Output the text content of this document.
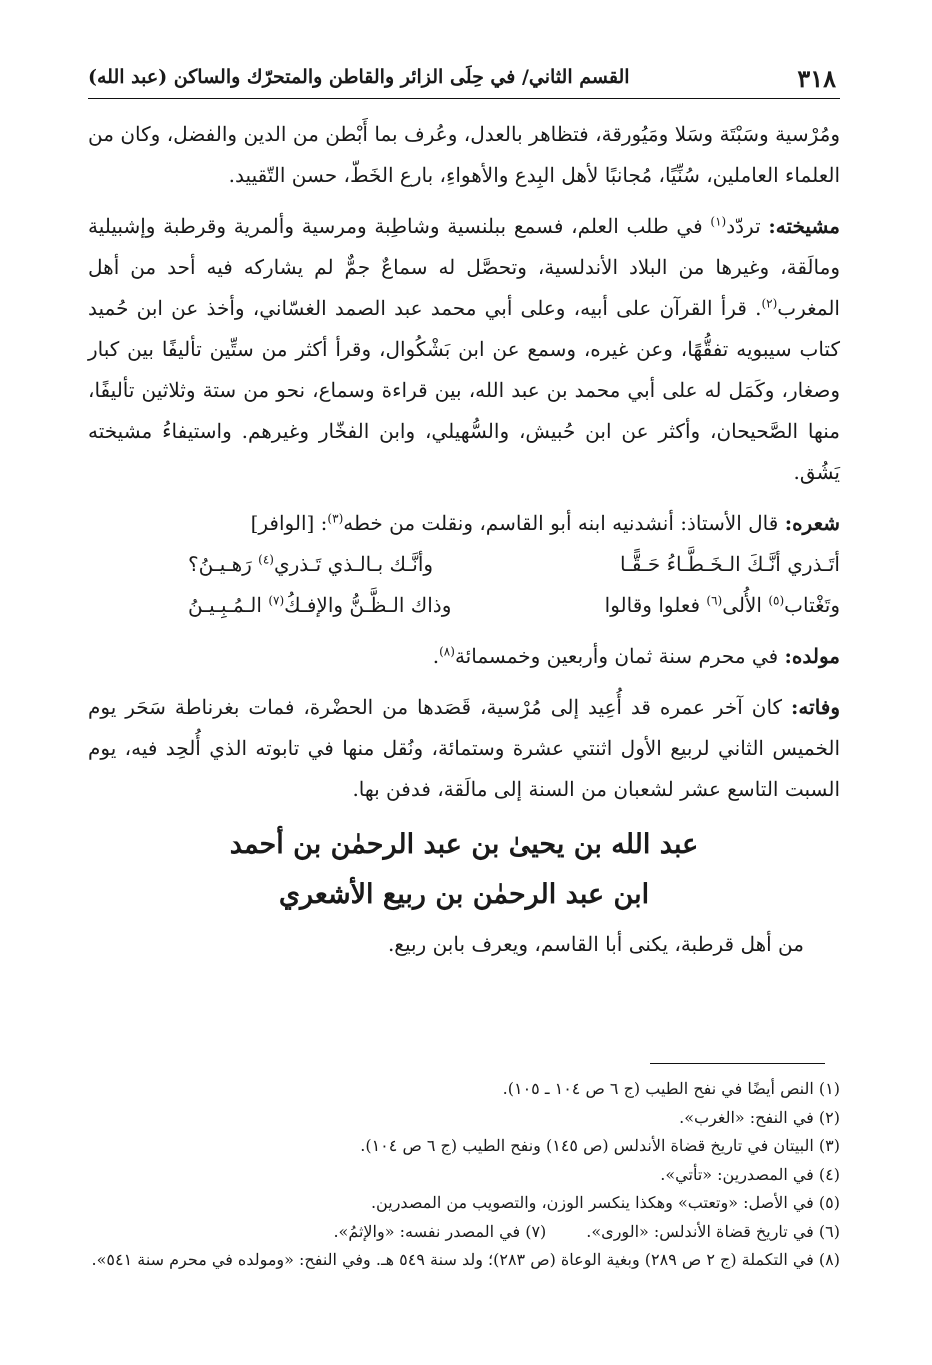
٣١٨
القسم الثاني/ في حِلَى الزائر والقاطن والمتحرّك والساكن (عبد الله)

ومُرْسية وسَبْتَة وسَلا ومَيُورقة، فتظاهر بالعدل، وعُرف بما أَبْطن من الدين والفضل، وكان من العلماء العاملين، سُنِّيًا، مُجانبًا لأهل البِدع والأهواءِ، بارع الخَطّ، حسن التّقييد.

مشيخته: تردّد$^{(١)}$ في طلب العلم، فسمع ببلنسية وشاطِبة ومرسية وألمرية وقرطبة وإشبيلية ومالَقة، وغيرها من البلاد الأندلسية، وتحصَّل له سماعٌ جمٌّ لم يشاركه فيه أحد من أهل المغرب$^{(٢)}$. قرأ القرآن على أبيه، وعلى أبي محمد عبد الصمد الغسّاني، وأخذ عن ابن حُميد كتاب سيبويه تفقُّهًا، وعن غيره، وسمع عن ابن بَشْكُوال، وقرأ أكثر من ستِّين تأليفًا بين كبار وصغار، وكَمَل له على أبي محمد بن عبد الله، بين قراءة وسماع، نحو من ستة وثلاثين تأليفًا، منها الصَّحيحان، وأكثر عن ابن حُبيش، والسُّهيلي، وابن الفخّار وغيرهم. واستيفاءُ مشيخته يَشُق.

شعره: قال الأستاذ: أنشدنيه ابنه أبو القاسم، ونقلت من خطه$^{(٣)}$: [الوافر]

أتَـذري أنَّـكَ الـخَـطَّـاءُ حَـقًّـا
وأنَّـك بـالـذي تَـذري$^{(٤)}$ رَهـيـنُ؟
وتَغْتاب$^{(٥)}$ الأُلى$^{(٦)}$ فعلوا وقالوا
وذاك الـظَّـنُّ والإفـكُ$^{(٧)}$ الـمُـبِـيـنُ

مولده: في محرم سنة ثمان وأربعين وخمسمائة$^{(٨)}$.

وفاته: كان آخر عمره قد أُعِيد إلى مُرْسية، قَصَدها من الحضْرة، فمات بغرناطة سَحَر يوم الخميس الثاني لربيع الأول اثنتي عشرة وستمائة، ونُقل منها في تابوته الذي أُلحِد فيه، يوم السبت التاسع عشر لشعبان من السنة إلى مالَقة، فدفن بها.

عبد الله بن يحيىٰ بن عبد الرحمٰن بن أحمد
ابن عبد الرحمٰن بن ربيع الأشعري

من أهل قرطبة، يكنى أبا القاسم، ويعرف بابن ربيع.

(١) النص أيضًا في نفح الطيب (ج ٦ ص ١٠٤ ـ ١٠٥).

(٢) في النفح: «الغرب».

(٣) البيتان في تاريخ قضاة الأندلس (ص ١٤٥) ونفح الطيب (ج ٦ ص ١٠٤).

(٤) في المصدرين: «تأتي».

(٥) في الأصل: «وتعتب» وهكذا ينكسر الوزن، والتصويب من المصدرين.

(٦) في تاريخ قضاة الأندلس: «الورى».
(٧) في المصدر نفسه: «والإثمُ».

(٨) في التكملة (ج ٢ ص ٢٨٩) وبغية الوعاة (ص ٢٨٣)؛ ولد سنة ٥٤٩ هـ. وفي النفح: «ومولده في محرم سنة ٥٤١».
